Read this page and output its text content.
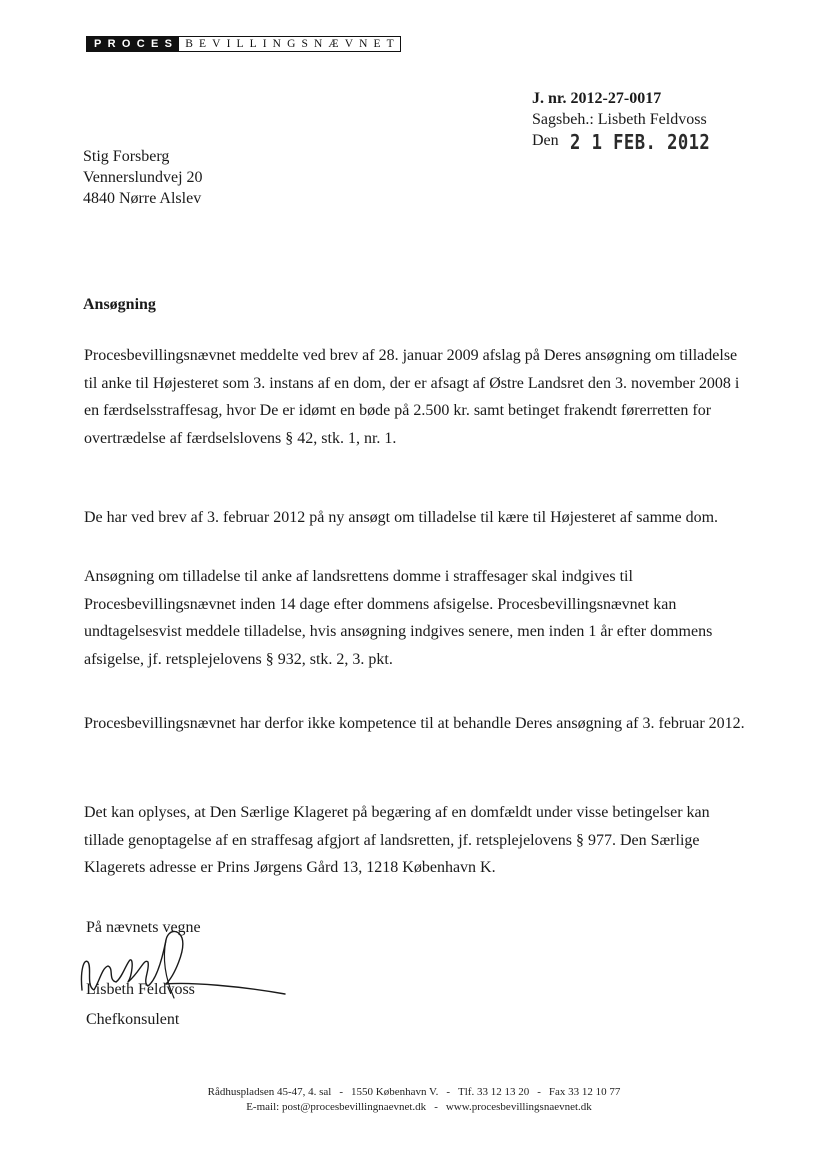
PROCES BEVILLINGSNÆVNET
J. nr. 2012-27-0017
Sagsbeh.: Lisbeth Feldvoss
Den 2 1 FEB. 2012
Stig Forsberg
Vennerslundvej 20
4840 Nørre Alslev
Ansøgning
Procesbevillingsnævnet meddelte ved brev af 28. januar 2009 afslag på Deres ansøgning om tilladelse til anke til Højesteret som 3. instans af en dom, der er afsagt af Østre Landsret den 3. november 2008 i en færdselsstraffesag, hvor De er idømt en bøde på 2.500 kr. samt betinget frakendt førerretten for overtrædelse af færdselslovens § 42, stk. 1, nr. 1.
De har ved brev af 3. februar 2012 på ny ansøgt om tilladelse til kære til Højesteret af samme dom.
Ansøgning om tilladelse til anke af landsrettens domme i straffesager skal indgives til Procesbevillingsnævnet inden 14 dage efter dommens afsigelse. Procesbevillingsnævnet kan undtagelsesvist meddele tilladelse, hvis ansøgning indgives senere, men inden 1 år efter dommens afsigelse, jf. retsplejelovens § 932, stk. 2, 3. pkt.
Procesbevillingsnævnet har derfor ikke kompetence til at behandle Deres ansøgning af 3. februar 2012.
Det kan oplyses, at Den Særlige Klageret på begæring af en domfældt under visse betingelser kan tillade genoptagelse af en straffesag afgjort af landsretten, jf. retsplejelovens § 977. Den Særlige Klagerets adresse er Prins Jørgens Gård 13, 1218 København K.
På nævnets vegne
Lisbeth Feldvoss
Chefkonsulent
Rådhuspladsen 45-47, 4. sal - 1550 København V. - Tlf. 33 12 13 20 - Fax 33 12 10 77
E-mail: post@procesbevillingnaevnet.dk - www.procesbevillingsnaevnet.dk
